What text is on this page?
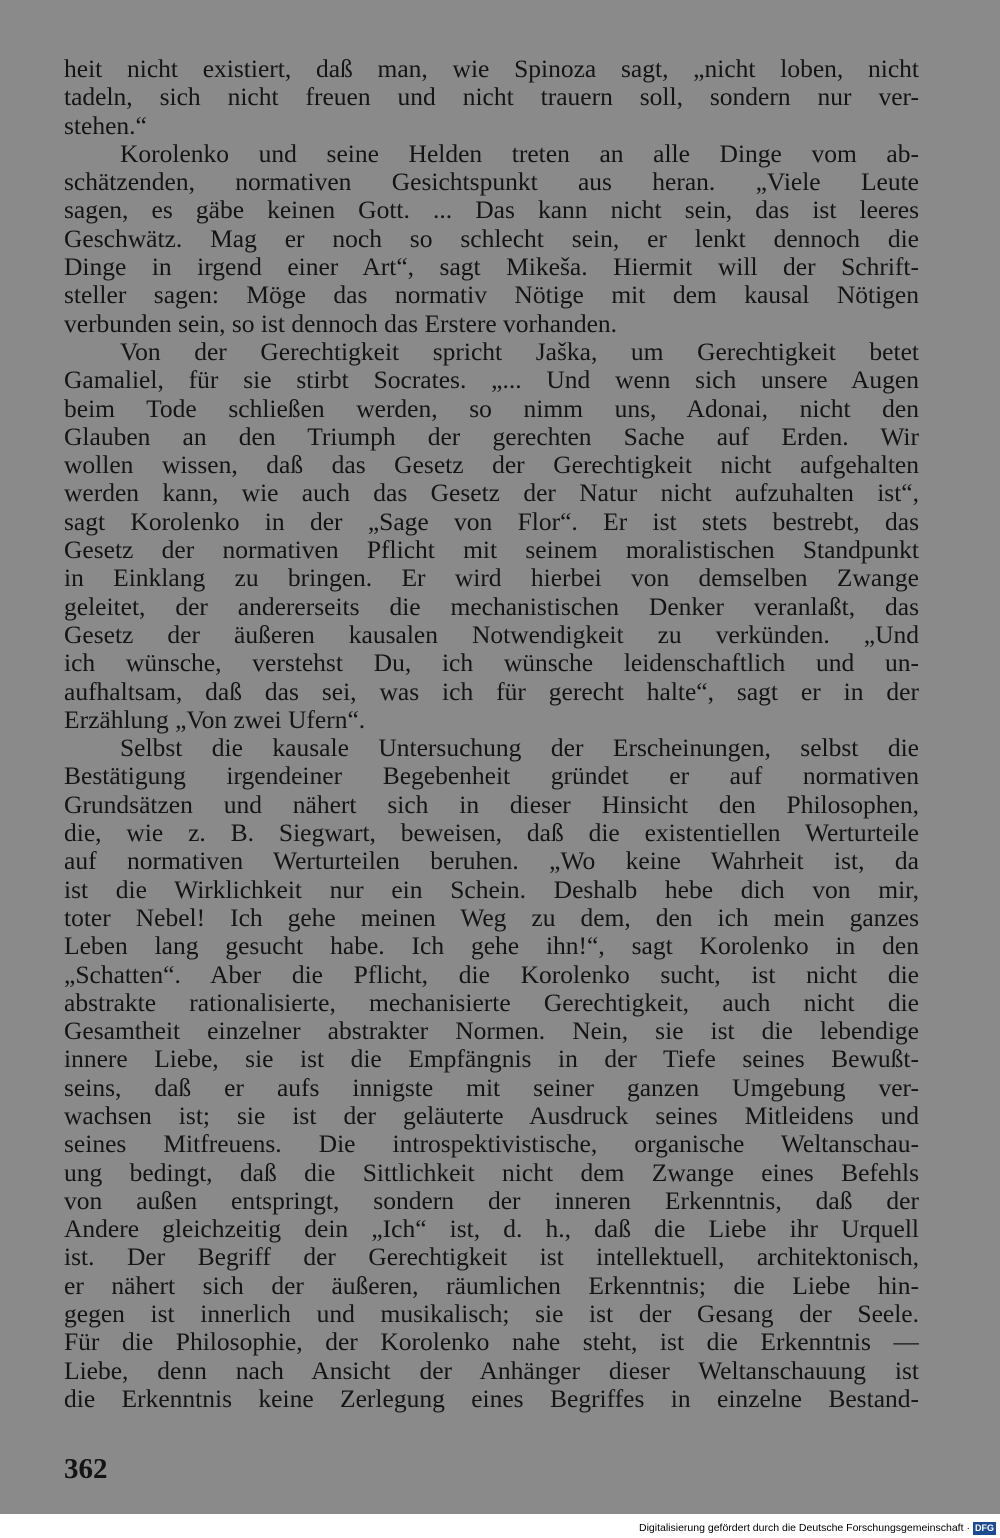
heit nicht existiert, daß man, wie Spinoza sagt, „nicht loben, nicht
tadeln, sich nicht freuen und nicht trauern soll, sondern nur ver-
stehen.“
Korolenko und seine Helden treten an alle Dinge vom ab-
schätzenden, normativen Gesichtspunkt aus heran. „Viele Leute
sagen, es gäbe keinen Gott. ... Das kann nicht sein, das ist leeres
Geschwätz. Mag er noch so schlecht sein, er lenkt dennoch die
Dinge in irgend einer Art“, sagt Mikeša. Hiermit will der Schrift-
steller sagen: Möge das normativ Nötige mit dem kausal Nötigen
verbunden sein, so ist dennoch das Erstere vorhanden.
Von der Gerechtigkeit spricht Jaška, um Gerechtigkeit betet
Gamaliel, für sie stirbt Socrates. „... Und wenn sich unsere Augen
beim Tode schließen werden, so nimm uns, Adonai, nicht den
Glauben an den Triumph der gerechten Sache auf Erden. Wir
wollen wissen, daß das Gesetz der Gerechtigkeit nicht aufgehalten
werden kann, wie auch das Gesetz der Natur nicht aufzuhalten ist“,
sagt Korolenko in der „Sage von Flor“. Er ist stets bestrebt, das
Gesetz der normativen Pflicht mit seinem moralistischen Standpunkt
in Einklang zu bringen. Er wird hierbei von demselben Zwange
geleitet, der andererseits die mechanistischen Denker veranlaßt, das
Gesetz der äußeren kausalen Notwendigkeit zu verkünden. „Und
ich wünsche, verstehst Du, ich wünsche leidenschaftlich und un-
aufhaltsam, daß das sei, was ich für gerecht halte“, sagt er in der
Erzählung „Von zwei Ufern“.
Selbst die kausale Untersuchung der Erscheinungen, selbst die
Bestätigung irgendeiner Begebenheit gründet er auf normativen
Grundsätzen und nähert sich in dieser Hinsicht den Philosophen,
die, wie z. B. Siegwart, beweisen, daß die existentiellen Werturteile
auf normativen Werturteilen beruhen. „Wo keine Wahrheit ist, da
ist die Wirklichkeit nur ein Schein. Deshalb hebe dich von mir,
toter Nebel! Ich gehe meinen Weg zu dem, den ich mein ganzes
Leben lang gesucht habe. Ich gehe ihn!“, sagt Korolenko in den
„Schatten“. Aber die Pflicht, die Korolenko sucht, ist nicht die
abstrakte rationalisierte, mechanisierte Gerechtigkeit, auch nicht die
Gesamtheit einzelner abstrakter Normen. Nein, sie ist die lebendige
innere Liebe, sie ist die Empfängnis in der Tiefe seines Bewußt-
seins, daß er aufs innigste mit seiner ganzen Umgebung ver-
wachsen ist; sie ist der geläuterte Ausdruck seines Mitleidens und
seines Mitfreuens. Die introspektivistische, organische Weltanschau-
ung bedingt, daß die Sittlichkeit nicht dem Zwange eines Befehls
von außen entspringt, sondern der inneren Erkenntnis, daß der
Andere gleichzeitig dein „Ich“ ist, d. h., daß die Liebe ihr Urquell
ist. Der Begriff der Gerechtigkeit ist intellektuell, architektonisch,
er nähert sich der äußeren, räumlichen Erkenntnis; die Liebe hin-
gegen ist innerlich und musikalisch; sie ist der Gesang der Seele.
Für die Philosophie, der Korolenko nahe steht, ist die Erkenntnis —
Liebe, denn nach Ansicht der Anhänger dieser Weltanschauung ist
die Erkenntnis keine Zerlegung eines Begriffes in einzelne Bestand-
362
Digitalisierung gefördert durch die Deutsche Forschungsgemeinschaft · DFG
